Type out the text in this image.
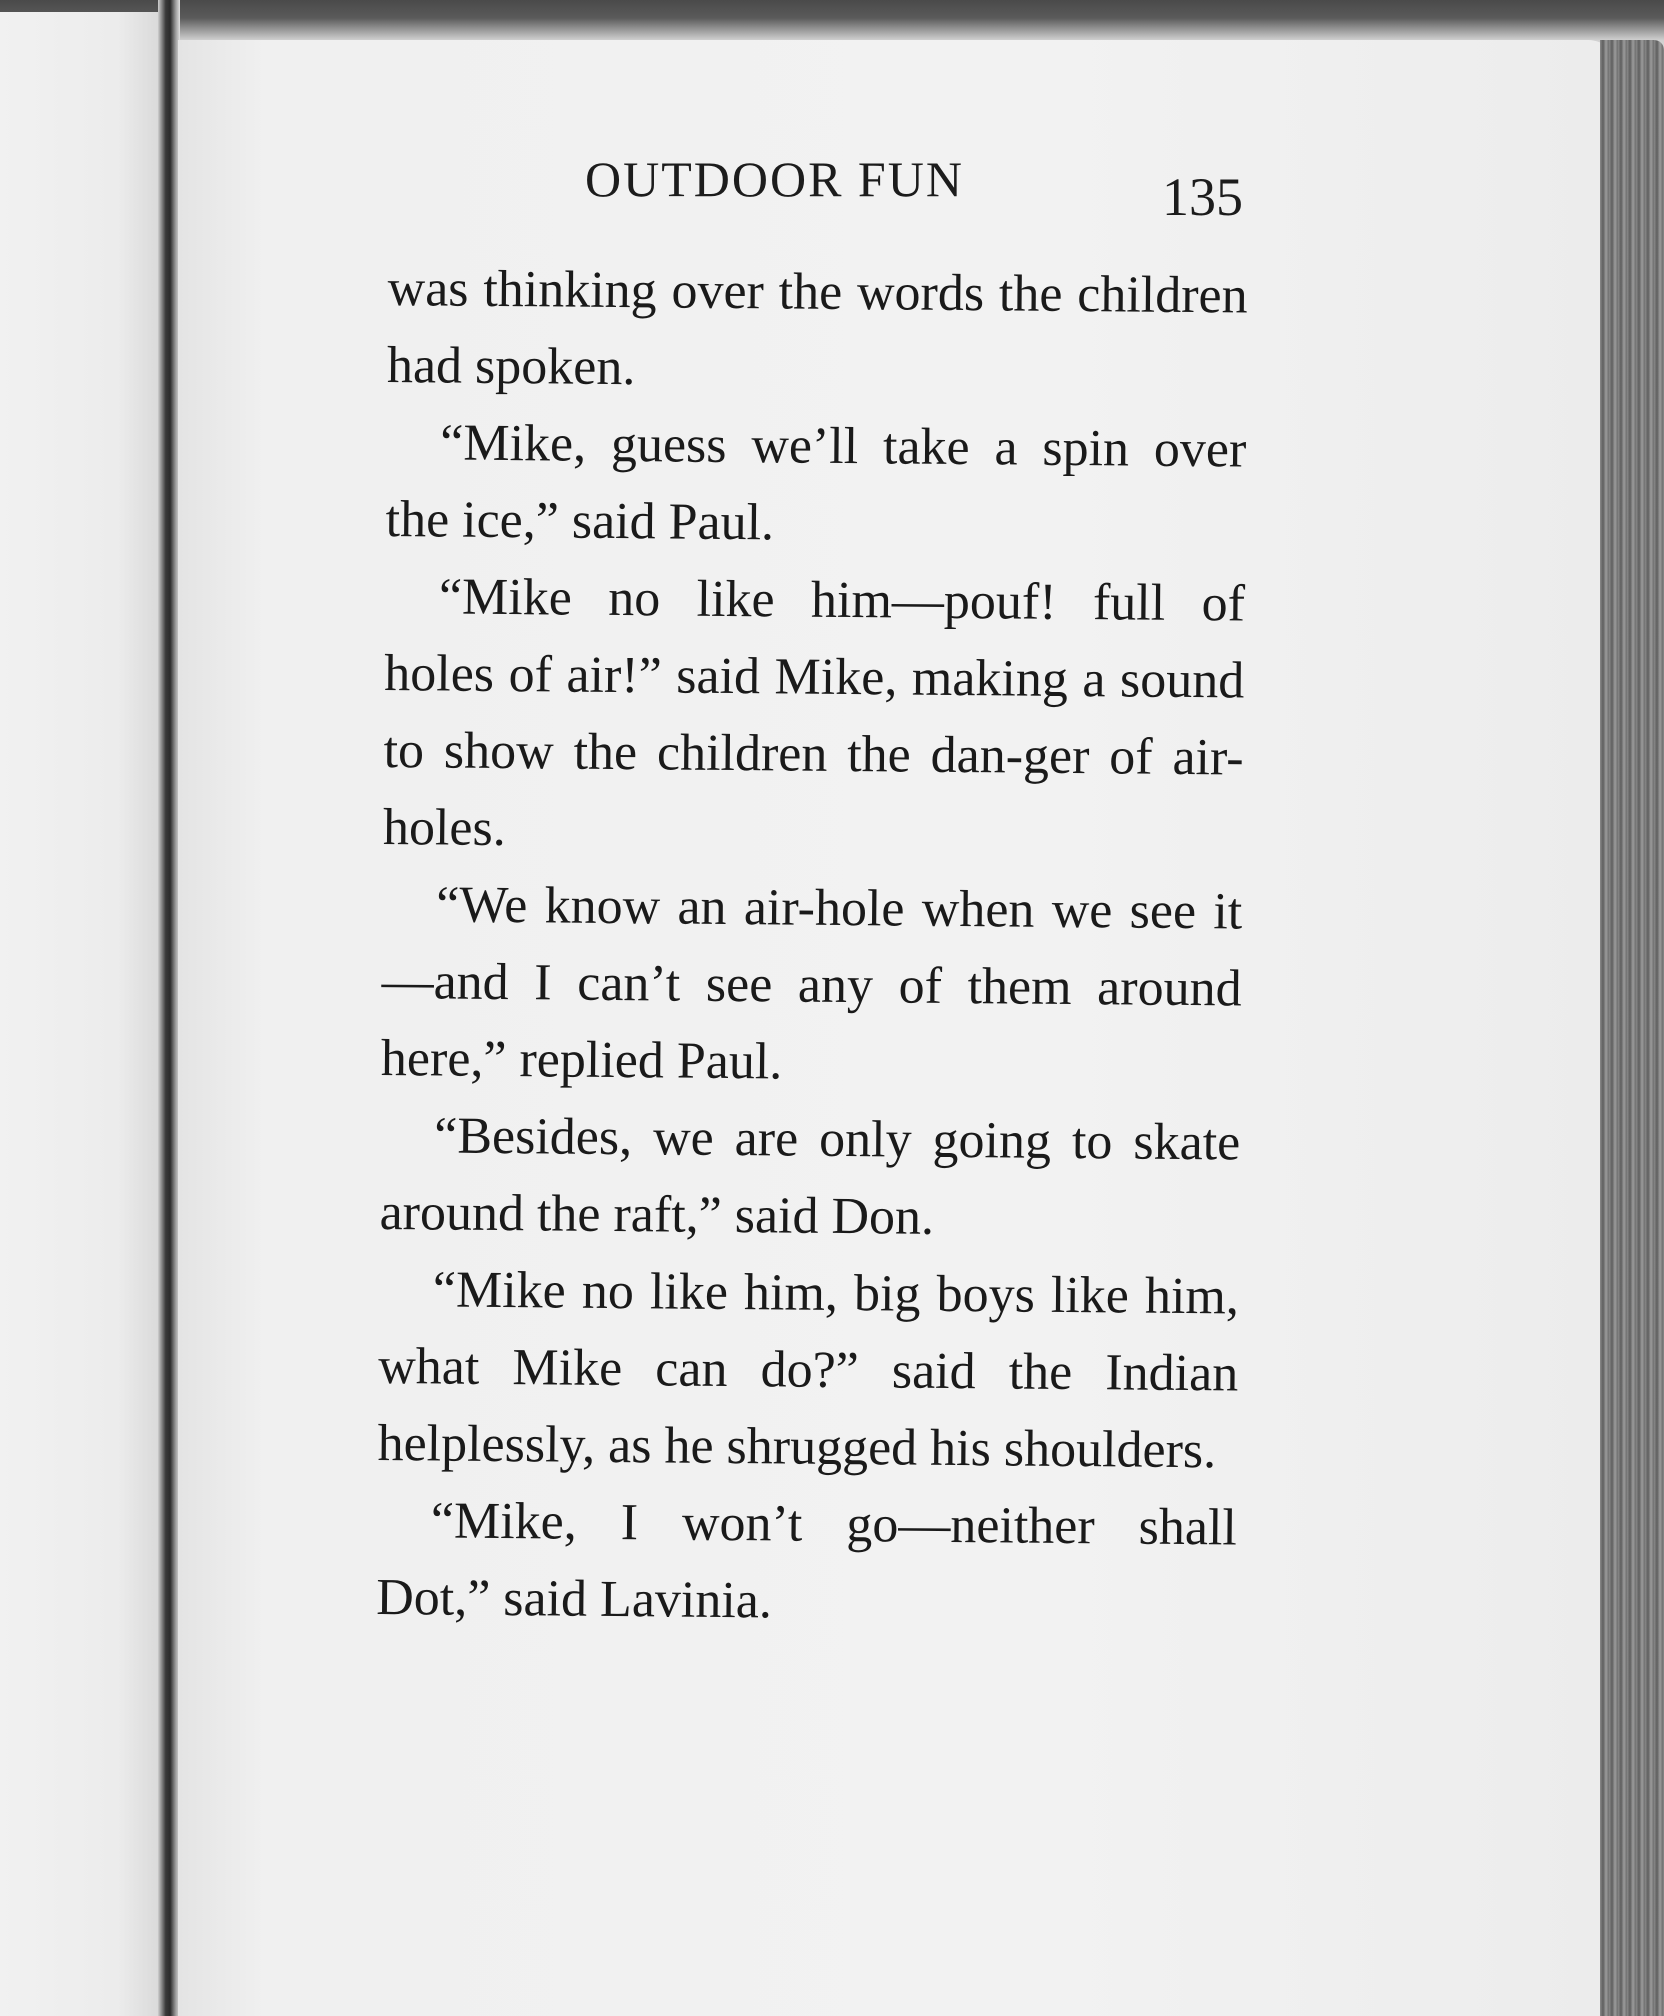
OUTDOOR FUN	135

was thinking over the words the children had spoken.

“Mike, guess we’ll take a spin over the ice,” said Paul.

“Mike no like him—pouf! full of holes of air!” said Mike, making a sound to show the children the dan-ger of air-holes.

“We know an air-hole when we see it—and I can’t see any of them around here,” replied Paul.

“Besides, we are only going to skate around the raft,” said Don.

“Mike no like him, big boys like him, what Mike can do?” said the Indian helplessly, as he shrugged his shoulders.

“Mike, I won’t go—neither shall Dot,” said Lavinia.
